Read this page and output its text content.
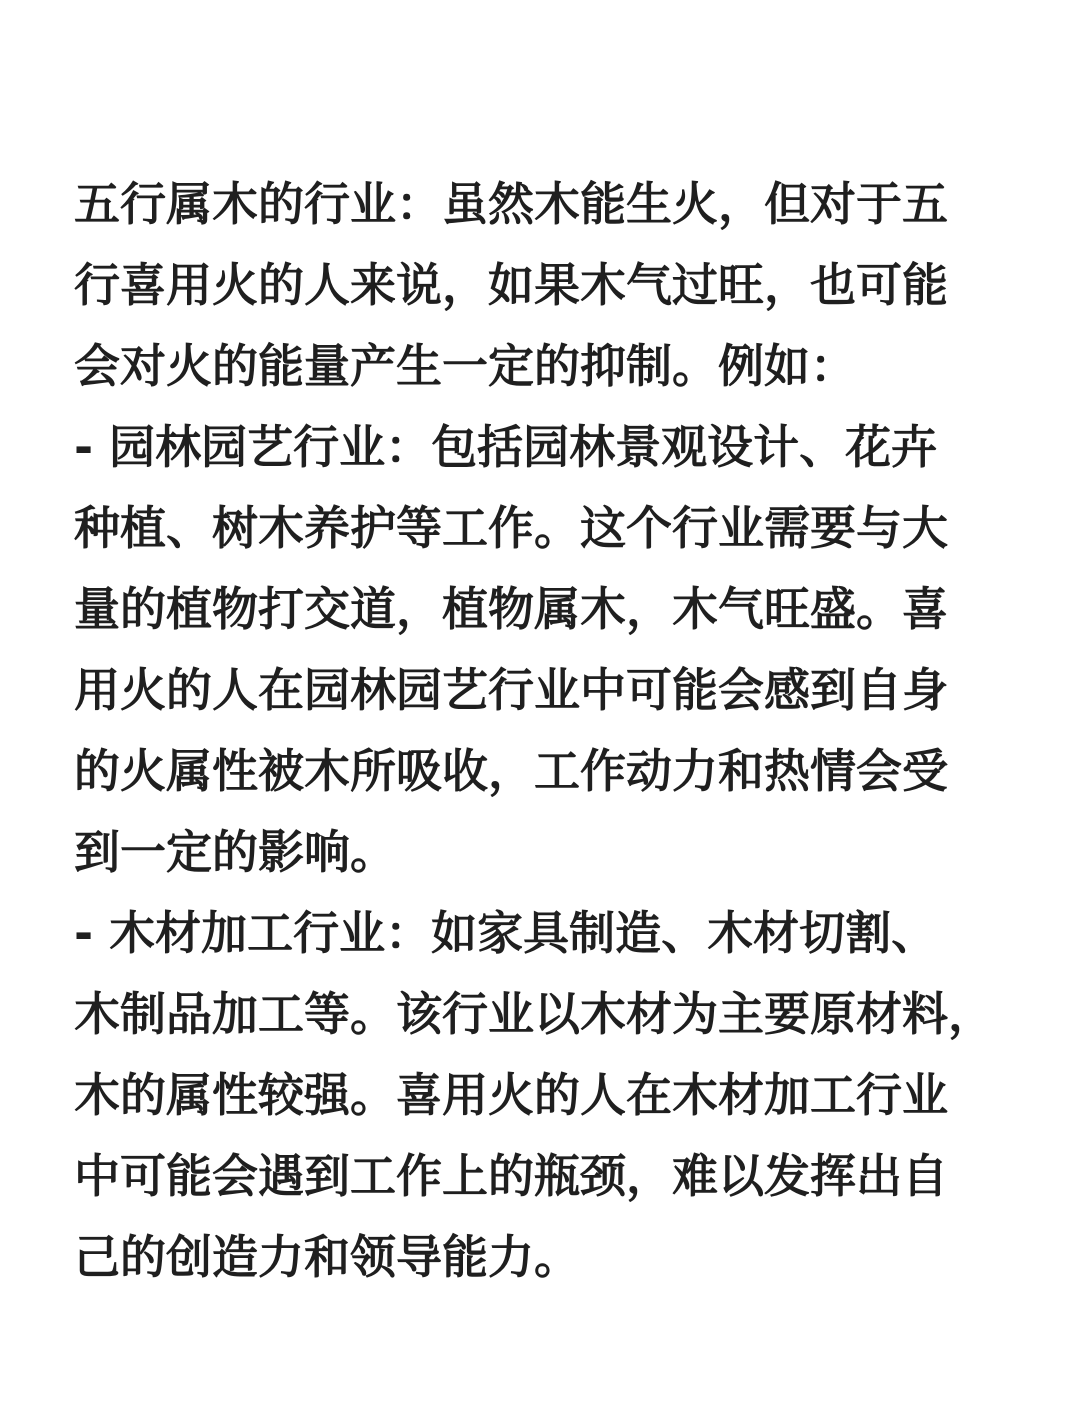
五行属木的行业：虽然木能生火，但对于五
行喜用火的人来说，如果木气过旺，也可能
会对火的能量产生一定的抑制。例如：
- 园林园艺行业：包括园林景观设计、花卉
种植、树木养护等工作。这个行业需要与大
量的植物打交道，植物属木，木气旺盛。喜
用火的人在园林园艺行业中可能会感到自身
的火属性被木所吸收，工作动力和热情会受
到一定的影响。
- 木材加工行业：如家具制造、木材切割、
木制品加工等。该行业以木材为主要原材料，
木的属性较强。喜用火的人在木材加工行业
中可能会遇到工作上的瓶颈，难以发挥出自
己的创造力和领导能力。
